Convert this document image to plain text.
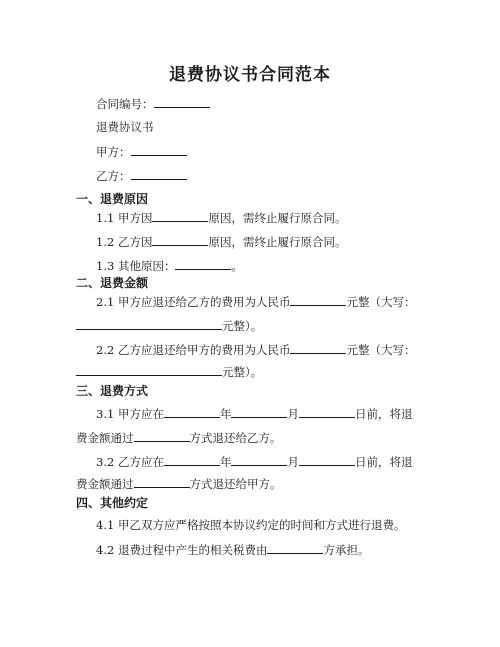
退费协议书合同范本
合同编号：
退费协议书
甲方：
乙方：
一、退费原因
1.1 甲方因	原因，需终止履行原合同。
1.2 乙方因	原因，需终止履行原合同。
1.3 其他原因：	。
二、退费金额
2.1 甲方应退还给乙方的费用为人民币	元整（大写：
元整）。
2.2 乙方应退还给甲方的费用为人民币	元整（大写：
元整）。
三、退费方式
3.1 甲方应在	年	月	日前，将退
费金额通过	方式退还给乙方。
3.2 乙方应在	年	月	日前，将退
费金额通过	方式退还给甲方。
四、其他约定
4.1 甲乙双方应严格按照本协议约定的时间和方式进行退费。
4.2 退费过程中产生的相关税费由	方承担。
